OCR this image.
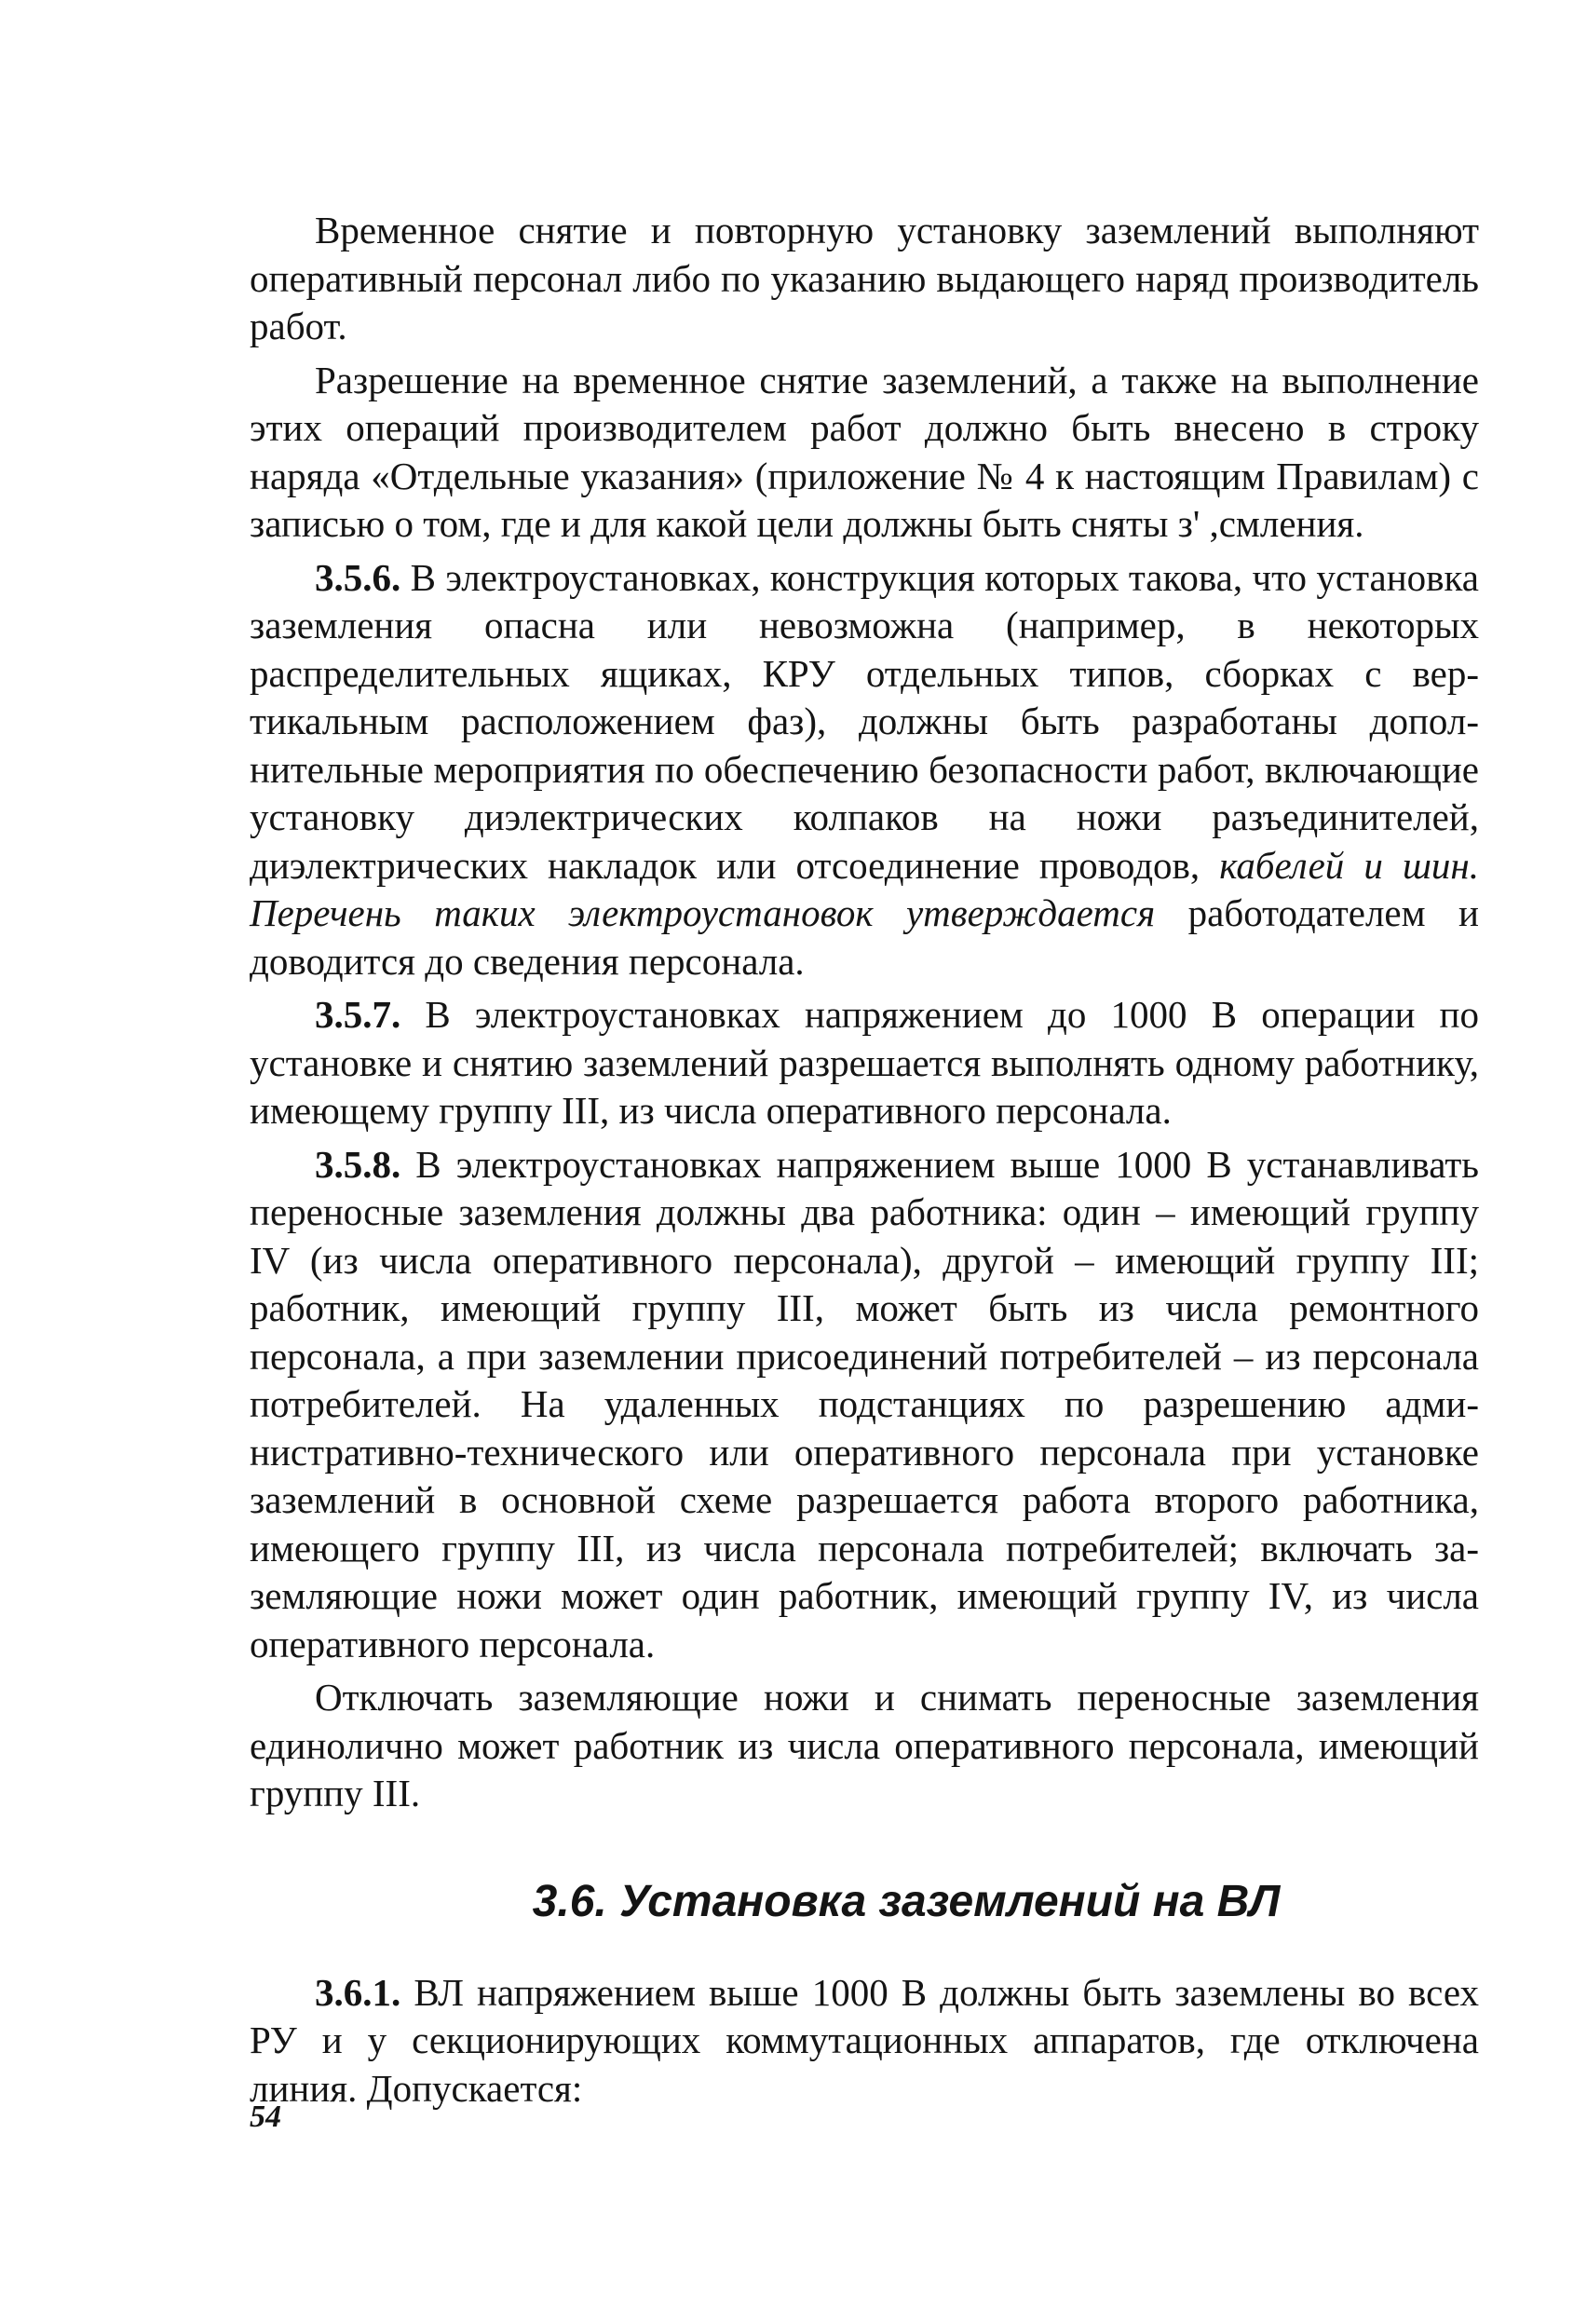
Временное снятие и повторную установку заземлений выполняют оперативный персонал либо по указанию выдающего наряд производитель работ.

Разрешение на временное снятие заземлений, а также на выполнение этих операций производителем работ должно быть внесено в строку наряда «Отдельные указания» (приложение № 4 к настоящим Правилам) с записью о том, где и для какой цели должны быть сняты з' ,смления.

3.5.6. В электроустановках, конструкция которых такова, что установка заземления опасна или невозможна (например, в некоторых распределительных ящиках, КРУ отдельных типов, сборках с вертикальным расположением фаз), должны быть разработаны дополнительные мероприятия по обеспечению безопасности работ, включающие установку диэлектрических колпаков на ножи разъединителей, диэлектрических накладок или отсоединение проводов, кабелей и шин. Перечень таких электроустановок утверждается работодателем и доводится до сведения персонала.

3.5.7. В электроустановках напряжением до 1000 В операции по установке и снятию заземлений разрешается выполнять одному работнику, имеющему группу III, из числа оперативного персонала.

3.5.8. В электроустановках напряжением выше 1000 В устанавливать переносные заземления должны два работника: один – имеющий группу IV (из числа оперативного персонала), другой – имеющий группу III; работник, имеющий группу III, может быть из числа ремонтного персонала, а при заземлении присоединений потребителей – из персонала потребителей. На удаленных подстанциях по разрешению административно-технического или оперативного персонала при установке заземлений в основной схеме разрешается работа второго работника, имеющего группу III, из числа персонала потребителей; включать заземляющие ножи может один работник, имеющий группу IV, из числа оперативного персонала.

Отключать заземляющие ножи и снимать переносные заземления единолично может работник из числа оперативного персонала, имеющий группу III.

3.6. Установка заземлений на ВЛ

3.6.1. ВЛ напряжением выше 1000 В должны быть заземлены во всех РУ и у секционирующих коммутационных аппаратов, где отключена линия. Допускается:

54
